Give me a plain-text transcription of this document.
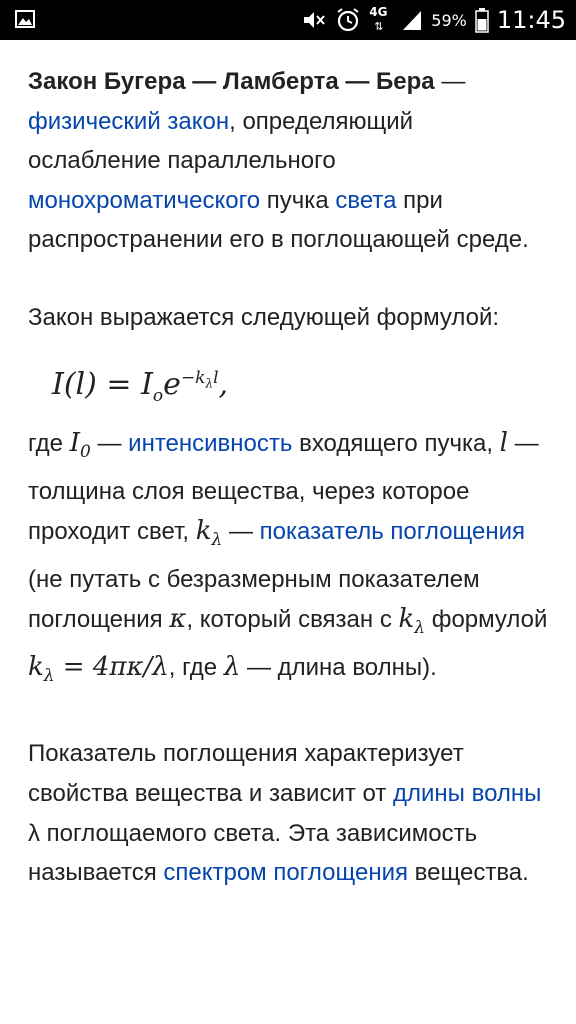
4G
⇅	59% 11:45

Закон Бугера — Ламберта — Бера — физический закон, определяющий ослабление параллельного монохроматического пучка света при распространении его в поглощающей среде.

Закон выражается следующей формулой:

$I(l) = I_oe^{-k_\lambda l}$,

где $I_0$ — интенсивность входящего пучка, l — толщина слоя вещества, через которое проходит свет, $k_\lambda$ — показатель поглощения (не путать с безразмерным показателем поглощения κ, который связан с $k_\lambda$ формулой $k_\lambda = 4\pi\kappa/\lambda$, где λ — длина волны).

Показатель поглощения характеризует свойства вещества и зависит от длины волны λ поглощаемого света. Эта зависимость называется спектром поглощения вещества.
